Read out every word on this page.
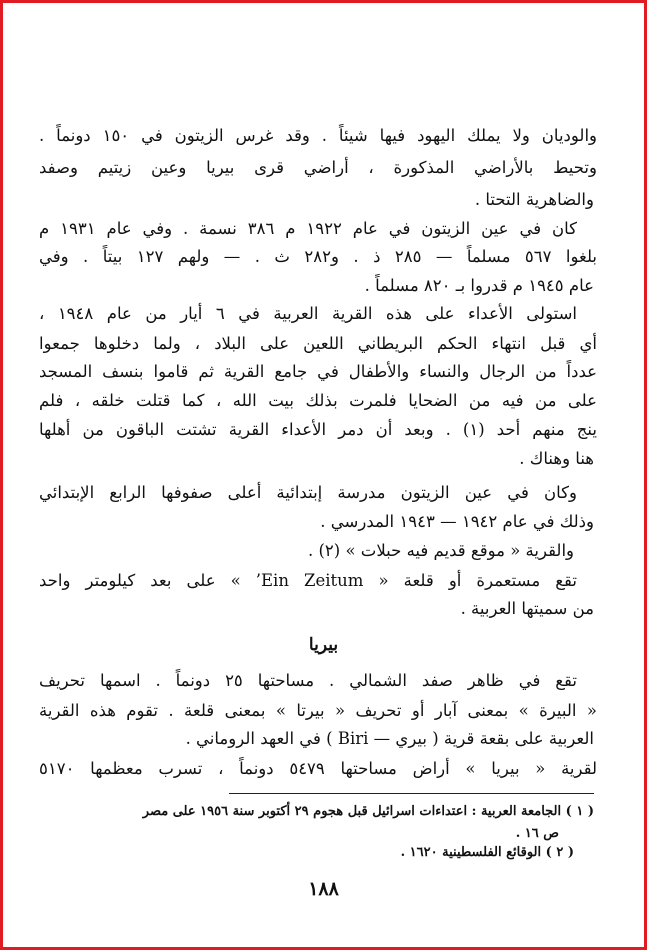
والوديان ولا يملك اليهود فيها شيئاً . وقد غرس الزيتون في ١٥٠ دونماً .
وتحيط بالأراضي المذكورة ، أراضي قرى بيريا وعين زيتيم وصفد
والضاهرية التحتا .
كان في عين الزيتون في عام ١٩٢٢ م ٣٨٦ نسمة . وفي عام ١٩٣١ م
بلغوا ٥٦٧ مسلماً — ٢٨٥ ذ . و٢٨٢ ث . — ولهم ١٢٧ بيتاً . وفي
عام ١٩٤٥ م قدروا بـ ٨٢٠ مسلماً .
استولى الأعداء على هذه القرية العربية في ٦ أيار من عام ١٩٤٨ ،
أي قبل انتهاء الحكم البريطاني اللعين على البلاد ، ولما دخلوها جمعوا
عدداً من الرجال والنساء والأطفال في جامع القرية ثم قاموا بنسف المسجد
على من فيه من الضحايا فلمرت بذلك بيت الله ، كما قتلت خلقه ، فلم
ينج منهم أحد (١) . وبعد أن دمر الأعداء القرية تشتت الباقون من أهلها
هنا وهناك .
وكان في عين الزيتون مدرسة إبتدائية أعلى صفوفها الرابع الإبتدائي
وذلك في عام ١٩٤٢ — ١٩٤٣ المدرسي .
والقرية « موقع قديم فيه حبلات » (٢) .
تقع مستعمرة أو قلعة « Ein Zeitum’ » على بعد كيلومتر واحد
من سميتها العربية .
بيريا
تقع في ظاهر صفد الشمالي . مساحتها ٢٥ دونماً . اسمها تحريف
« البيرة » بمعنى آبار أو تحريف « بيرتا » بمعنى قلعة . تقوم هذه القرية
العربية على بقعة قرية ( بيري — Biri ) في العهد الروماني .
لقرية « بيريا » أراض مساحتها ٥٤٧٩ دونماً ، تسرب معظمها ٥١٧٠
( ١ ) الجامعة العربية : اعتداءات اسرائيل قبل هجوم ٢٩ أكتوبر سنة ١٩٥٦ على مصر
ص ١٦ .
( ٢ ) الوقائع الفلسطينية ١٦٢٠ .
١٨٨
